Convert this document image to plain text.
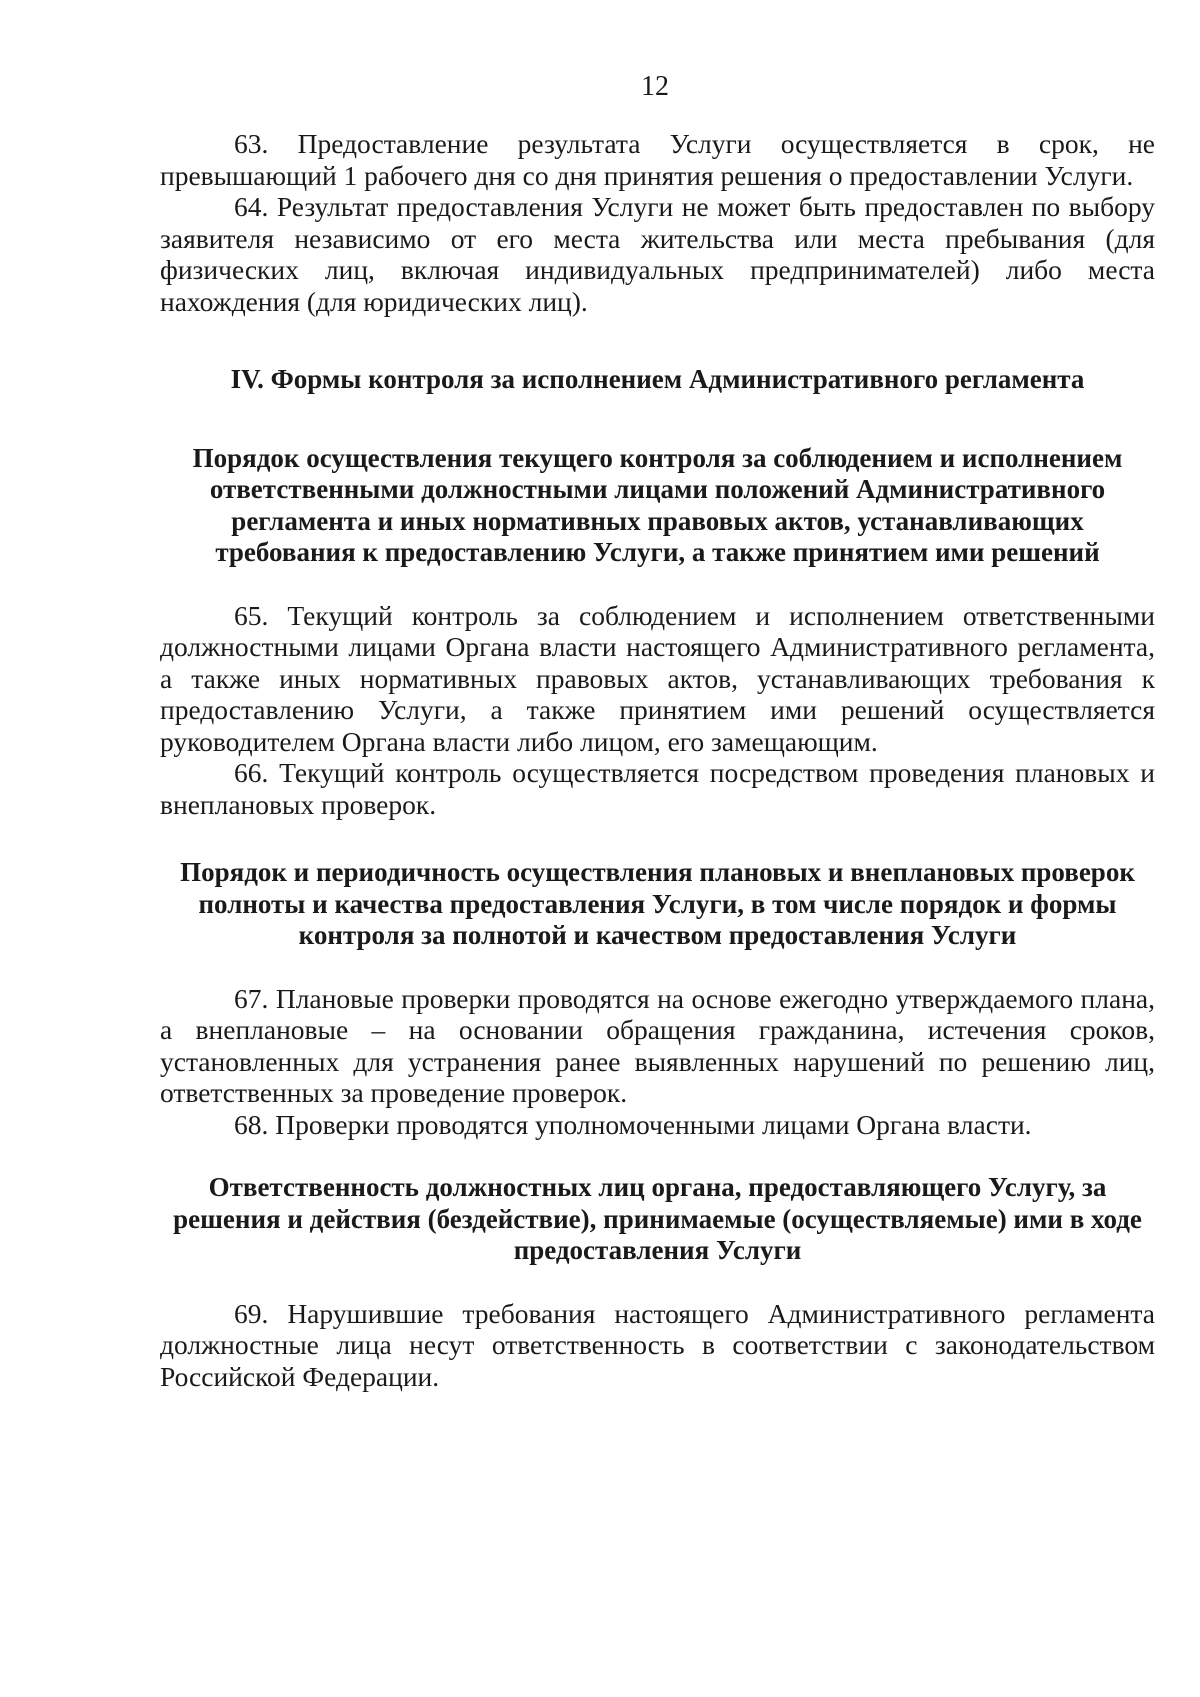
12

63. Предоставление результата Услуги осуществляется в срок, не превышающий 1 рабочего дня со дня принятия решения о предоставлении Услуги.

64. Результат предоставления Услуги не может быть предоставлен по выбору заявителя независимо от его места жительства или места пребывания (для физических лиц, включая индивидуальных предпринимателей) либо места нахождения (для юридических лиц).

IV. Формы контроля за исполнением Административного регламента

Порядок осуществления текущего контроля за соблюдением и исполнением ответственными должностными лицами положений Административного регламента и иных нормативных правовых актов, устанавливающих требования к предоставлению Услуги, а также принятием ими решений

65. Текущий контроль за соблюдением и исполнением ответственными должностными лицами Органа власти настоящего Административного регламента, а также иных нормативных правовых актов, устанавливающих требования к предоставлению Услуги, а также принятием ими решений осуществляется руководителем Органа власти либо лицом, его замещающим.

66. Текущий контроль осуществляется посредством проведения плановых и внеплановых проверок.

Порядок и периодичность осуществления плановых и внеплановых проверок полноты и качества предоставления Услуги, в том числе порядок и формы контроля за полнотой и качеством предоставления Услуги

67. Плановые проверки проводятся на основе ежегодно утверждаемого плана, а внеплановые – на основании обращения гражданина, истечения сроков, установленных для устранения ранее выявленных нарушений по решению лиц, ответственных за проведение проверок.

68. Проверки проводятся уполномоченными лицами Органа власти.

Ответственность должностных лиц органа, предоставляющего Услугу, за решения и действия (бездействие), принимаемые (осуществляемые) ими в ходе предоставления Услуги

69. Нарушившие требования настоящего Административного регламента должностные лица несут ответственность в соответствии с законодательством Российской Федерации.
